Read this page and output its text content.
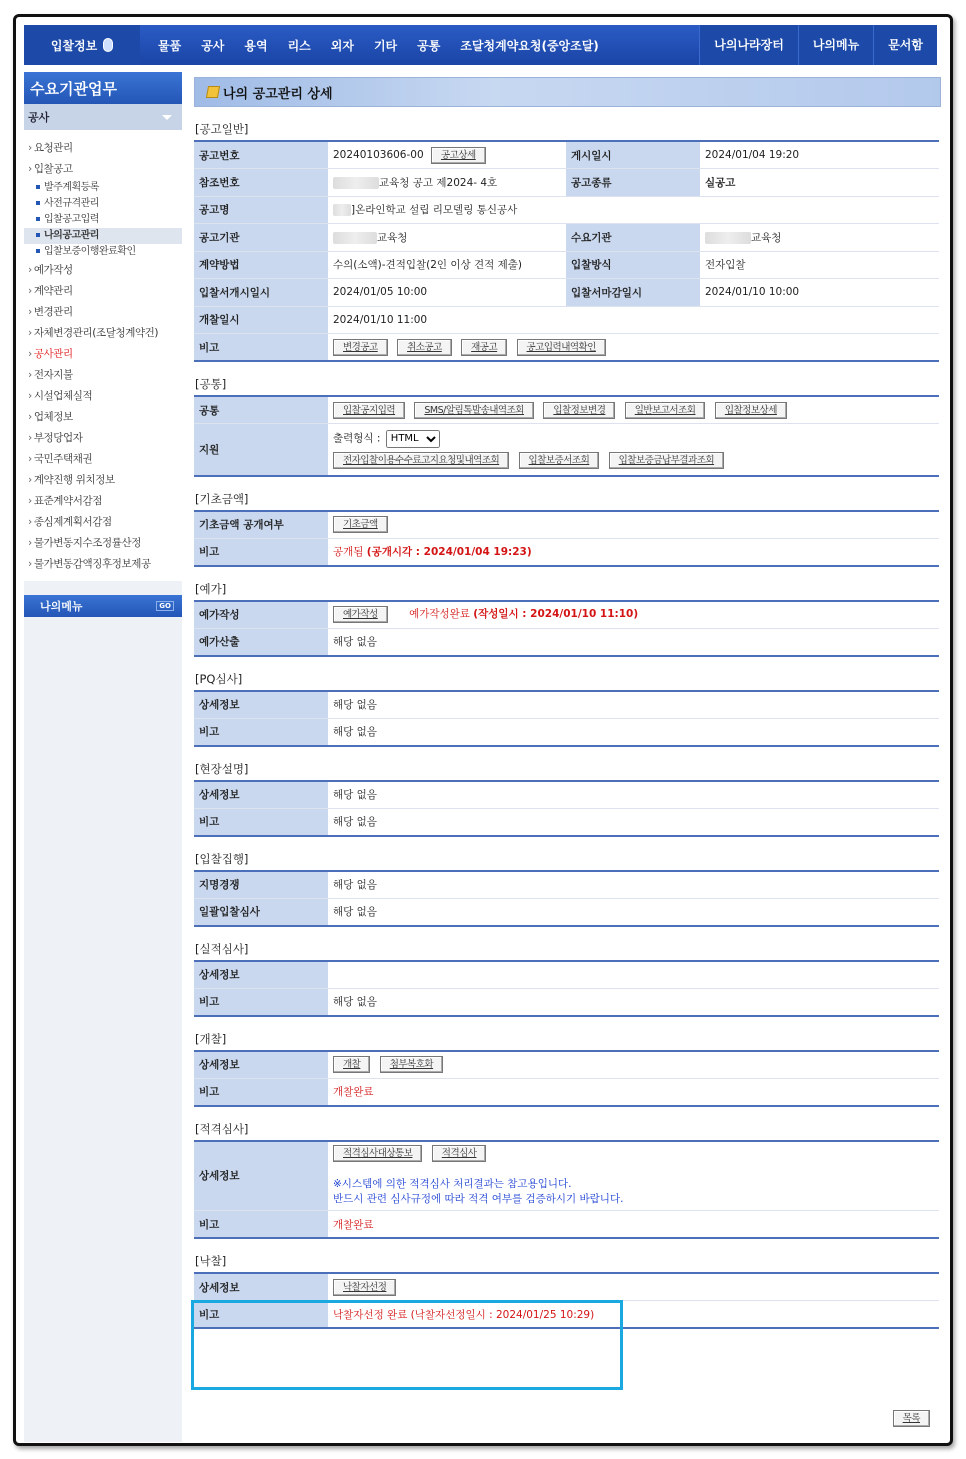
입찰정보	물품	공사	용역	리스	외자	기타	공통	조달청계약요청(중앙조달)	나의나라장터	나의메뉴	문서함
수요기관업무
공사
› 요청관리
› 입찰공고
발주계획등록
사전규격관리
입찰공고입력
나의공고관리
입찰보증이행완료확인
› 예가작성
› 계약관리
› 변경관리
› 자체변경관리(조달청계약건)
› 공사관리
› 전자지불
› 시설업체실적
› 업체정보
› 부정당업자
› 국민주택채권
› 계약진행 위치정보
› 표준계약서감점
› 종심제계획서감점
› 물가변동지수조정률산정
› 물가변동감액징후정보제공
나의메뉴	GO
나의 공고관리 상세
[공고일반]
공고번호	20240103606-00 공고상세	게시일시	2024/01/04 19:20
참조번호	교육청 공고 제2024- 4호	공고종류	실공고
공고명	]온라인학교 설립 리모델링 통신공사		
공고기관	교육청	수요기관	교육청
계약방법	수의(소액)-견적입찰(2인 이상 견적 제출)	입찰방식	전자입찰
입찰서개시일시	2024/01/05 10:00	입찰서마감일시	2024/01/10 10:00
개찰일시	2024/01/10 11:00		
비고	변경공고 취소공고 재공고 공고입력내역확인		
[공통]
공통	입찰공지입력 SMS/알림톡발송내역조회 입찰정보변경 일반보고서조회 입찰정보상세
지원	출력형식 :
HTML
전자입찰이용수수료고지요청및내역조회 입찰보증서조회 입찰보증금납부결과조회
[기초금액]
기초금액 공개여부	기초금액
비고	공개됨 (공개시각 : 2024/01/04 19:23)
[예가]
예가작성	예가작성 예가작성완료 (작성일시 : 2024/01/10 11:10)
예가산출	해당 없음
[PQ심사]
상세정보	해당 없음
비고	해당 없음
[현장설명]
상세정보	해당 없음
비고	해당 없음
[입찰집행]
지명경쟁	해당 없음
일괄입찰심사	해당 없음
[실적심사]
상세정보	
비고	해당 없음
[개찰]
상세정보	개찰 첨부복호화
비고	개찰완료
[적격심사]
상세정보	적격심사대상통보 적격심사
※시스템에 의한 적격심사 처리결과는 참고용입니다.
반드시 관련 심사규정에 따라 적격 여부를 검증하시기 바랍니다.

비고	개찰완료
[낙찰]
상세정보	낙찰자선정
비고	낙찰자선정 완료 (낙찰자선정일시 : 2024/01/25 10:29)
목록
